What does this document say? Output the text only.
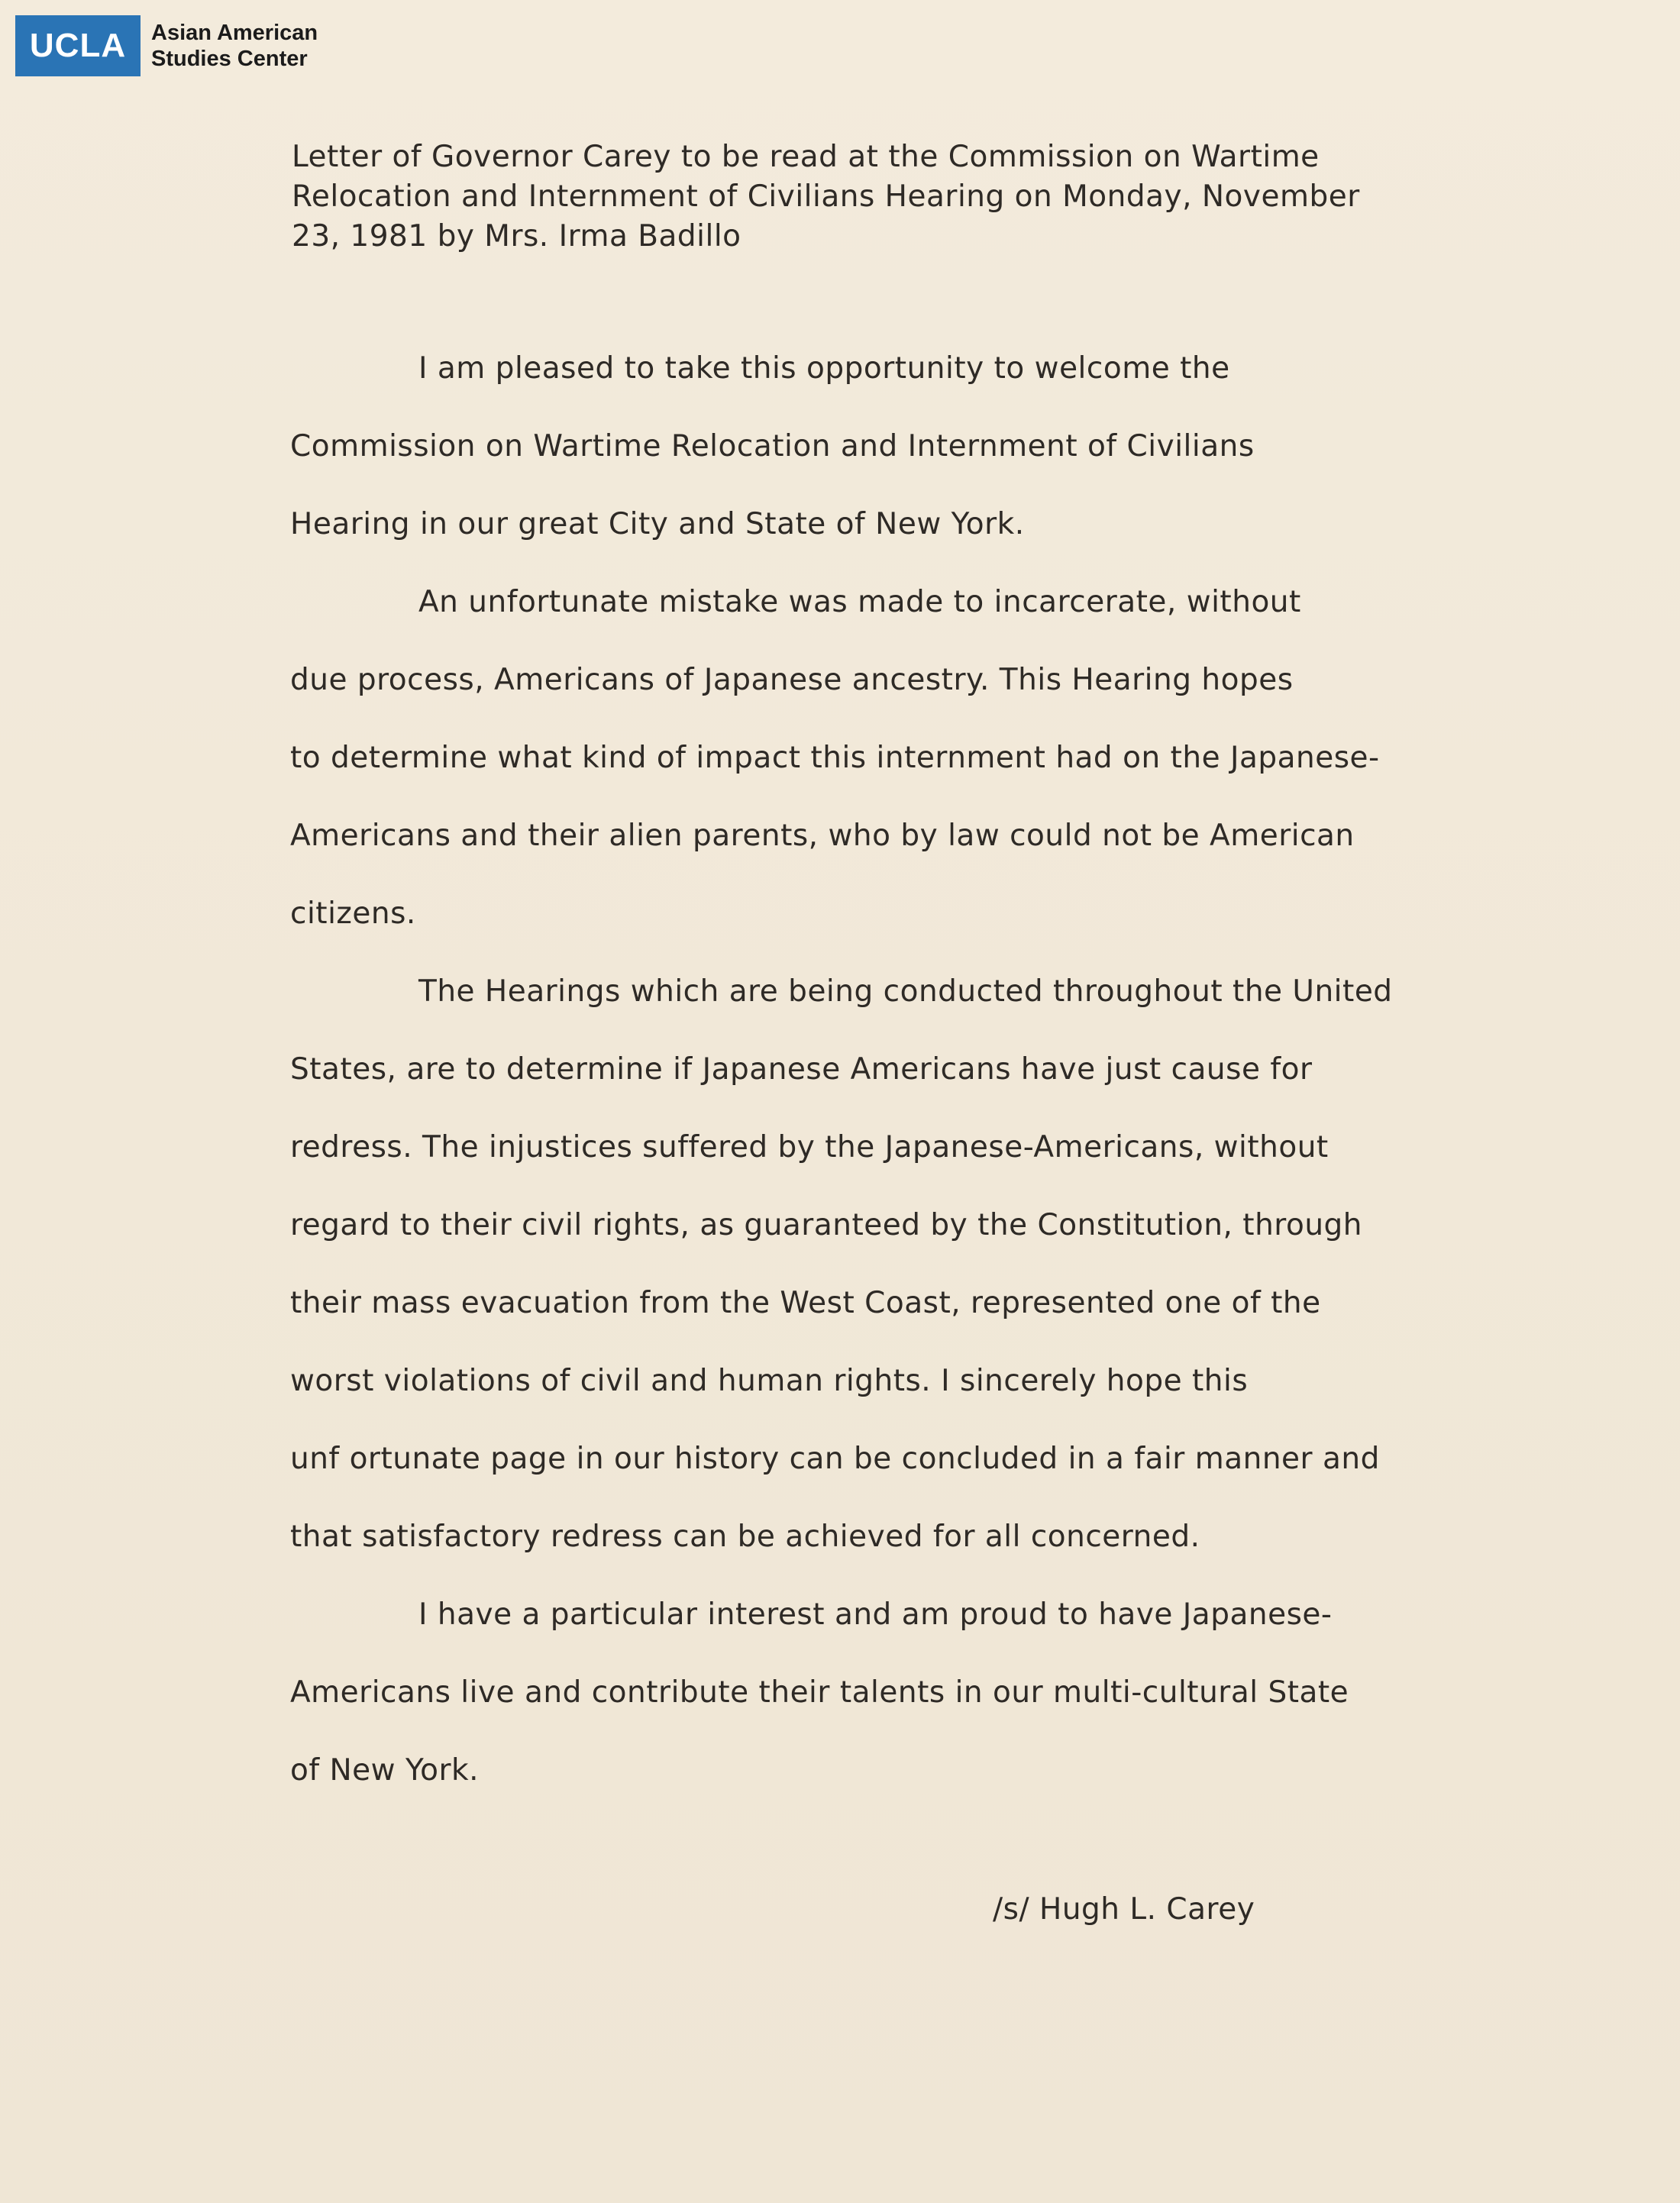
UCLA	Asian American
Studies Center
Letter of Governor Carey to be read at the Commission on Wartime
Relocation and Internment of Civilians Hearing on Monday, November
23, 1981 by Mrs. Irma Badillo
I am pleased to take this opportunity to welcome the
Commission on Wartime Relocation and Internment of Civilians
Hearing in our great City and State of New York.
An unfortunate mistake was made to incarcerate, without
due process, Americans of Japanese ancestry. This Hearing hopes
to determine what kind of impact this internment had on the Japanese-
Americans and their alien parents, who by law could not be American
citizens.
The Hearings which are being conducted throughout the United
States, are to determine if Japanese Americans have just cause for
redress. The injustices suffered by the Japanese-Americans, without
regard to their civil rights, as guaranteed by the Constitution, through
their mass evacuation from the West Coast, represented one of the
worst violations of civil and human rights. I sincerely hope this
unf ortunate page in our history can be concluded in a fair manner and
that satisfactory redress can be achieved for all concerned.
I have a particular interest and am proud to have Japanese-
Americans live and contribute their talents in our multi-cultural State
of New York.
/s/ Hugh L. Carey
